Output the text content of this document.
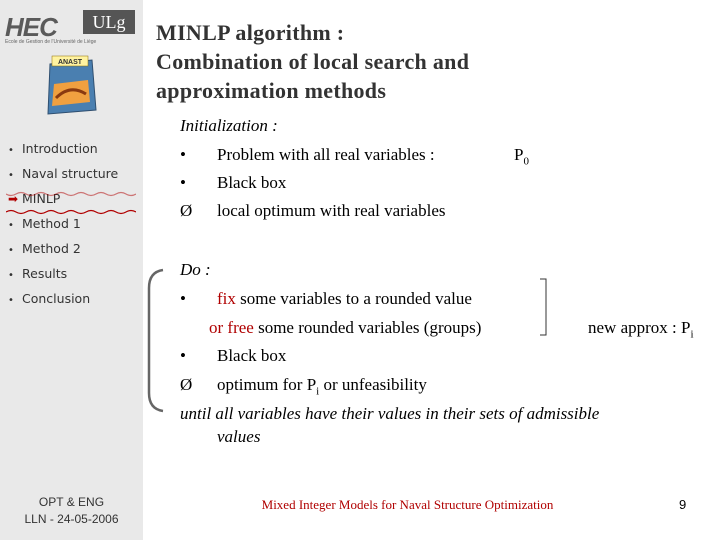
HEC	ULg
Ecole de Gestion de l'Université de Liège
ANAST
• Introduction
• Naval structure
➡ MINLP
• Method 1
• Method 2
• Results
• Conclusion
OPT & ENG
LLN - 24-05-2006
MINLP algorithm :
Combination of local search and
approximation methods
Initialization :
• Problem with all real variables :	$P_0$
• Black box
Ø local optimum with real variables
Do :
• fix some variables to a rounded value
or free some rounded variables (groups)	new approx : $P_i$
• Black box
Ø optimum for $P_i$ or unfeasibility
until all variables have their values in their sets of admissible
values
Mixed Integer Models for Naval Structure Optimization	9
